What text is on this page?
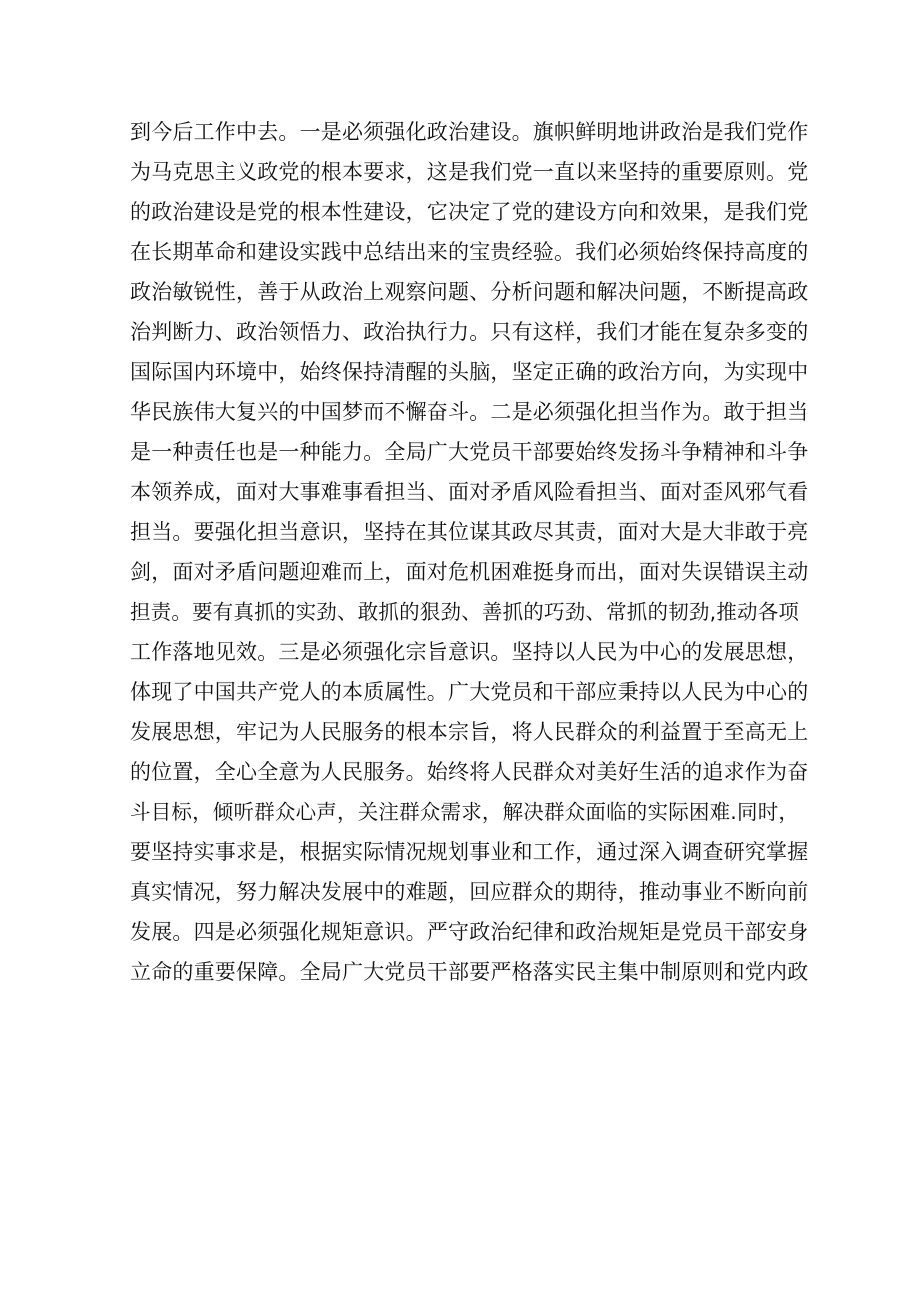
到今后工作中去。一是必须强化政治建设。旗帜鲜明地讲政治是我们党作
为马克思主义政党的根本要求，这是我们党一直以来坚持的重要原则。党
的政治建设是党的根本性建设，它决定了党的建设方向和效果，是我们党
在长期革命和建设实践中总结出来的宝贵经验。我们必须始终保持高度的
政治敏锐性，善于从政治上观察问题、分析问题和解决问题，不断提高政
治判断力、政治领悟力、政治执行力。只有这样，我们才能在复杂多变的
国际国内环境中，始终保持清醒的头脑，坚定正确的政治方向，为实现中
华民族伟大复兴的中国梦而不懈奋斗。二是必须强化担当作为。敢于担当
是一种责任也是一种能力。全局广大党员干部要始终发扬斗争精神和斗争
本领养成，面对大事难事看担当、面对矛盾风险看担当、面对歪风邪气看
担当。要强化担当意识，坚持在其位谋其政尽其责，面对大是大非敢于亮
剑，面对矛盾问题迎难而上，面对危机困难挺身而出，面对失误错误主动
担责。要有真抓的实劲、敢抓的狠劲、善抓的巧劲、常抓的韧劲,推动各项
工作落地见效。三是必须强化宗旨意识。坚持以人民为中心的发展思想，
体现了中国共产党人的本质属性。广大党员和干部应秉持以人民为中心的
发展思想，牢记为人民服务的根本宗旨，将人民群众的利益置于至高无上
的位置，全心全意为人民服务。始终将人民群众对美好生活的追求作为奋
斗目标，倾听群众心声，关注群众需求，解决群众面临的实际困难.同时，
要坚持实事求是，根据实际情况规划事业和工作，通过深入调查研究掌握
真实情况，努力解决发展中的难题，回应群众的期待，推动事业不断向前
发展。四是必须强化规矩意识。严守政治纪律和政治规矩是党员干部安身
立命的重要保障。全局广大党员干部要严格落实民主集中制原则和党内政
